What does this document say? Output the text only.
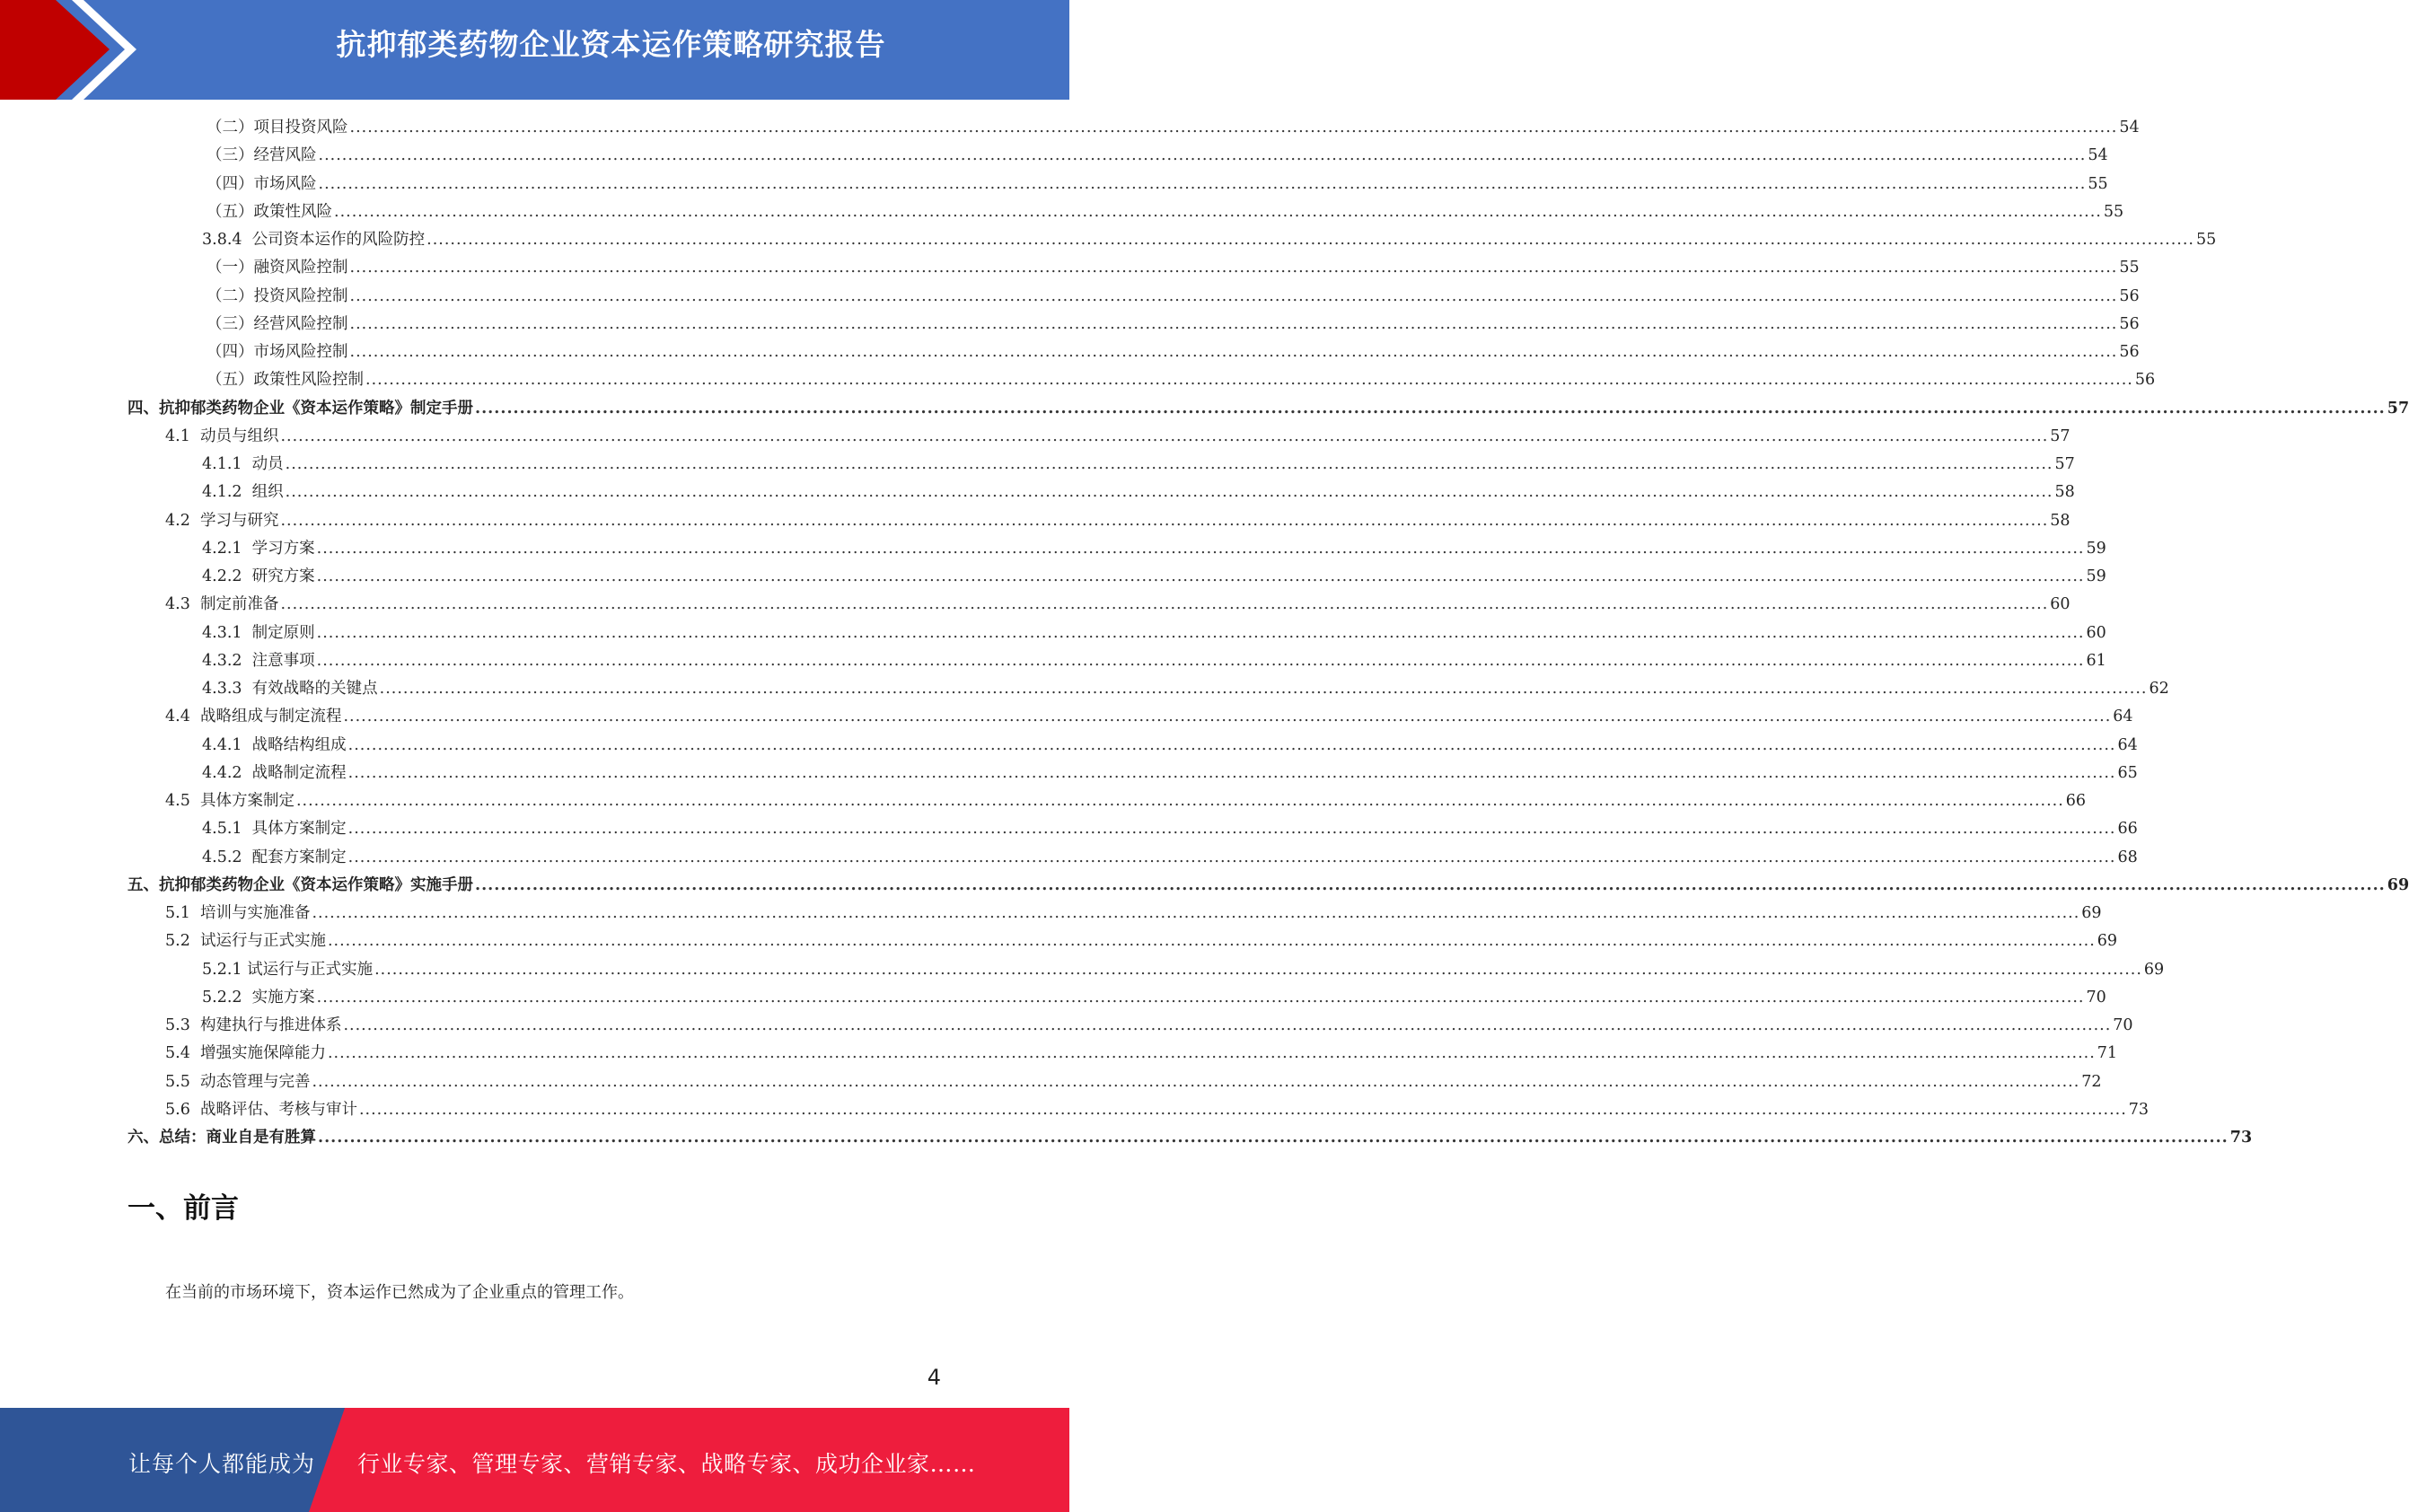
抗抑郁类药物企业资本运作策略研究报告
（二）项目投资风险 ............................................................................................................................................................................................................................................................................................................ 54
（三）经营风险 ............................................................................................................................................................................................................................................................................................................ 54
（四）市场风险 ............................................................................................................................................................................................................................................................................................................ 55
（五）政策性风险 ............................................................................................................................................................................................................................................................................................................ 55
3.8.4  公司资本运作的风险防控 ............................................................................................................................................................................................................................................................................................................ 55
（一）融资风险控制 ............................................................................................................................................................................................................................................................................................................ 55
（二）投资风险控制 ............................................................................................................................................................................................................................................................................................................ 56
（三）经营风险控制 ............................................................................................................................................................................................................................................................................................................ 56
（四）市场风险控制 ............................................................................................................................................................................................................................................................................................................ 56
（五）政策性风险控制 ............................................................................................................................................................................................................................................................................................................ 56
四、抗抑郁类药物企业《资本运作策略》制定手册 ............................................................................................................................................................................................................................................................................................................ 57
4.1  动员与组织 ............................................................................................................................................................................................................................................................................................................ 57
4.1.1  动员 ............................................................................................................................................................................................................................................................................................................ 57
4.1.2  组织 ............................................................................................................................................................................................................................................................................................................ 58
4.2  学习与研究 ............................................................................................................................................................................................................................................................................................................ 58
4.2.1  学习方案 ............................................................................................................................................................................................................................................................................................................ 59
4.2.2  研究方案 ............................................................................................................................................................................................................................................................................................................ 59
4.3  制定前准备 ............................................................................................................................................................................................................................................................................................................ 60
4.3.1  制定原则 ............................................................................................................................................................................................................................................................................................................ 60
4.3.2  注意事项 ............................................................................................................................................................................................................................................................................................................ 61
4.3.3  有效战略的关键点 ............................................................................................................................................................................................................................................................................................................ 62
4.4  战略组成与制定流程 ............................................................................................................................................................................................................................................................................................................ 64
4.4.1  战略结构组成 ............................................................................................................................................................................................................................................................................................................ 64
4.4.2  战略制定流程 ............................................................................................................................................................................................................................................................................................................ 65
4.5  具体方案制定 ............................................................................................................................................................................................................................................................................................................ 66
4.5.1  具体方案制定 ............................................................................................................................................................................................................................................................................................................ 66
4.5.2  配套方案制定 ............................................................................................................................................................................................................................................................................................................ 68
五、抗抑郁类药物企业《资本运作策略》实施手册 ............................................................................................................................................................................................................................................................................................................ 69
5.1  培训与实施准备 ............................................................................................................................................................................................................................................................................................................ 69
5.2  试运行与正式实施 ............................................................................................................................................................................................................................................................................................................ 69
5.2.1 试运行与正式实施 ............................................................................................................................................................................................................................................................................................................ 69
5.2.2  实施方案 ............................................................................................................................................................................................................................................................................................................ 70
5.3  构建执行与推进体系 ............................................................................................................................................................................................................................................................................................................ 70
5.4  增强实施保障能力 ............................................................................................................................................................................................................................................................................................................ 71
5.5  动态管理与完善 ............................................................................................................................................................................................................................................................................................................ 72
5.6  战略评估、考核与审计 ............................................................................................................................................................................................................................................................................................................ 73
六、总结：商业自是有胜算 ............................................................................................................................................................................................................................................................................................................ 73
一、前言
在当前的市场环境下，资本运作已然成为了企业重点的管理工作。
4
让每个人都能成为 行业专家、管理专家、营销专家、战略专家、成功企业家……
